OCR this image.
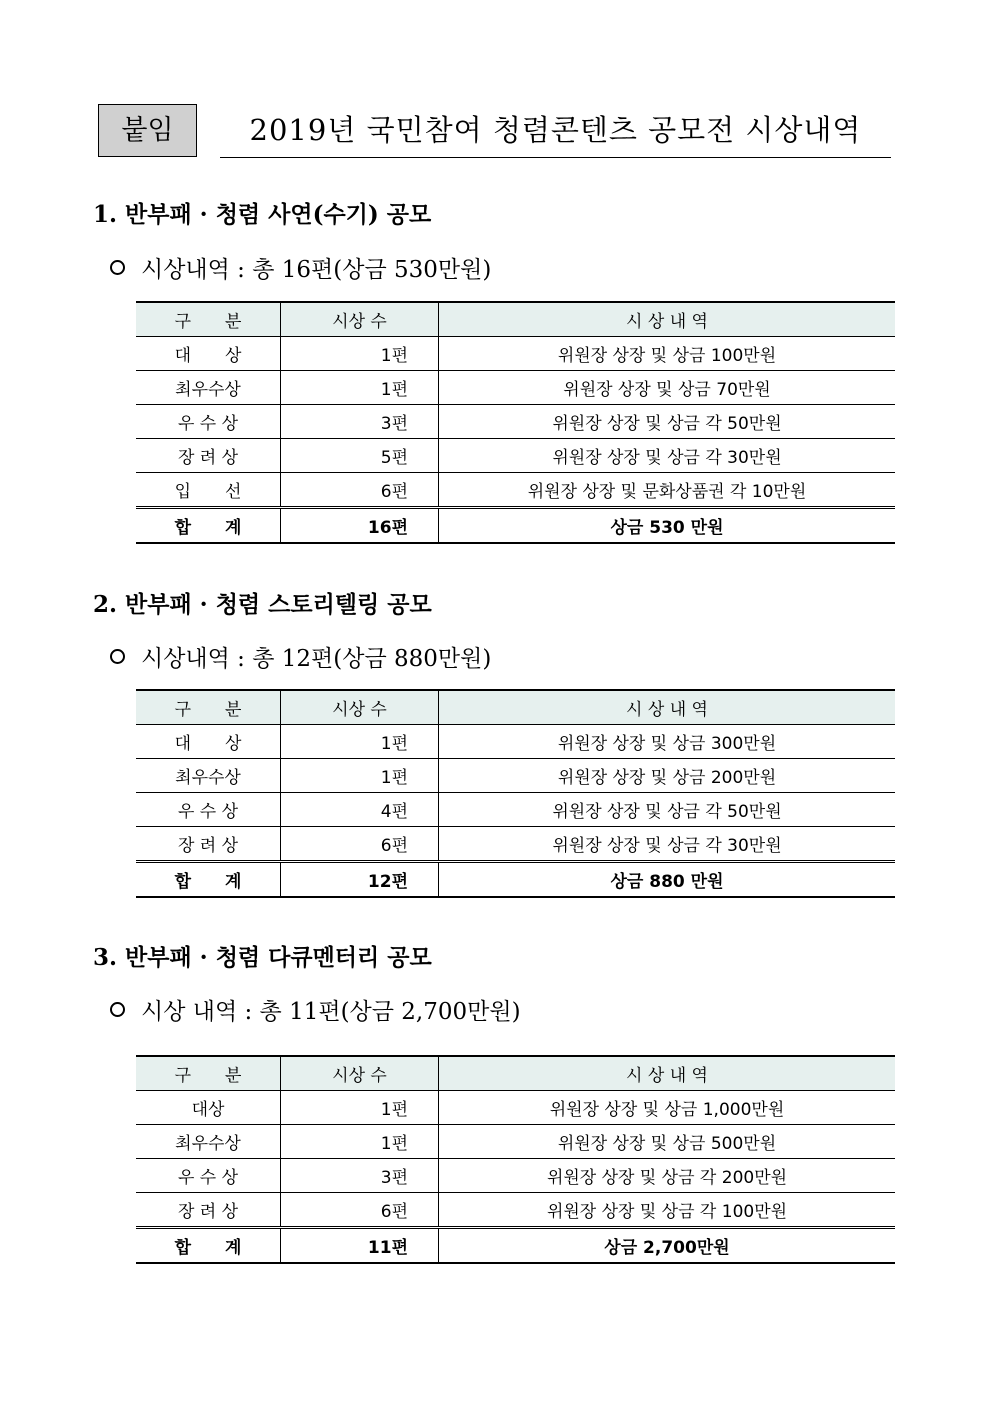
붙임	2019년 국민참여 청렴콘텐츠 공모전 시상내역
1. 반부패 · 청렴 사연(수기) 공모
시상내역 : 총 16편(상금 530만원)
구　　분	시상 수	시 상 내 역
대　　상	1편	위원장 상장 및 상금 100만원
최우수상	1편	위원장 상장 및 상금 70만원
우 수 상	3편	위원장 상장 및 상금 각 50만원
장 려 상	5편	위원장 상장 및 상금 각 30만원
입　　선	6편	위원장 상장 및 문화상품권 각 10만원
합　　계	16편	상금 530 만원
2. 반부패 · 청렴 스토리텔링 공모
시상내역 : 총 12편(상금 880만원)
구　　분	시상 수	시 상 내 역
대　　상	1편	위원장 상장 및 상금 300만원
최우수상	1편	위원장 상장 및 상금 200만원
우 수 상	4편	위원장 상장 및 상금 각 50만원
장 려 상	6편	위원장 상장 및 상금 각 30만원
합　　계	12편	상금 880 만원
3. 반부패 · 청렴 다큐멘터리 공모
시상 내역 : 총 11편(상금 2,700만원)
구　　분	시상 수	시 상 내 역
대상	1편	위원장 상장 및 상금 1,000만원
최우수상	1편	위원장 상장 및 상금 500만원
우 수 상	3편	위원장 상장 및 상금 각 200만원
장 려 상	6편	위원장 상장 및 상금 각 100만원
합　　계	11편	상금 2,700만원
